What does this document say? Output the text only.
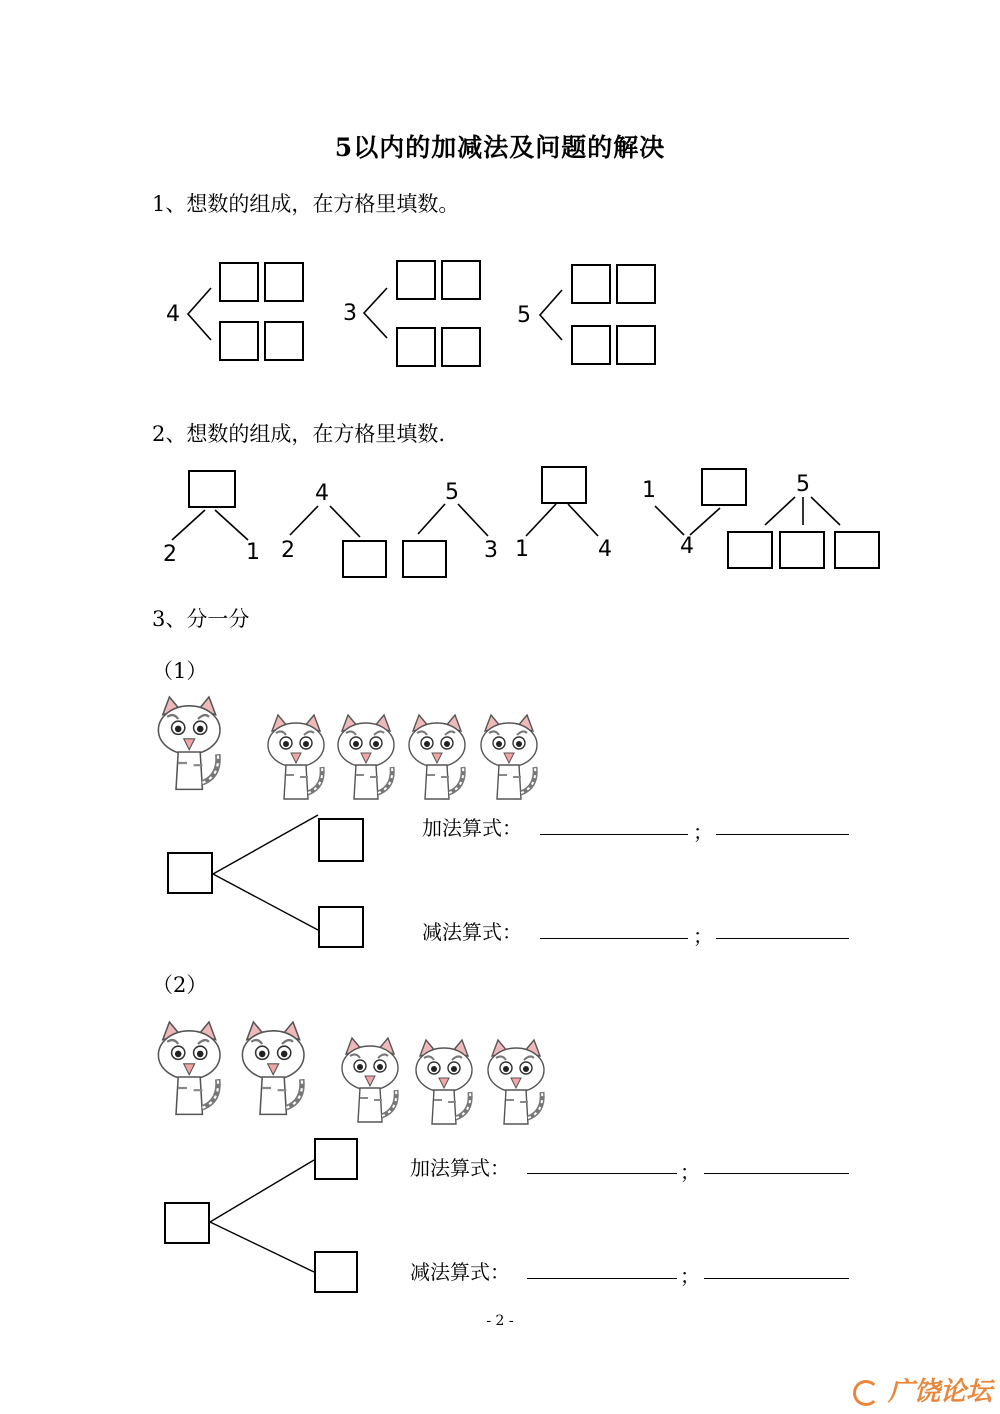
5以内的加减法及问题的解决
1、想数的组成，在方格里填数。
4	3	5
2、想数的组成，在方格里填数.
2	1
4
2
5
3 1	4
1
4
5
3、分一分
（1）
加法算式：	；
减法算式：	；
（2）
加法算式：	；
减法算式：	；
- 2 -
广饶论坛
